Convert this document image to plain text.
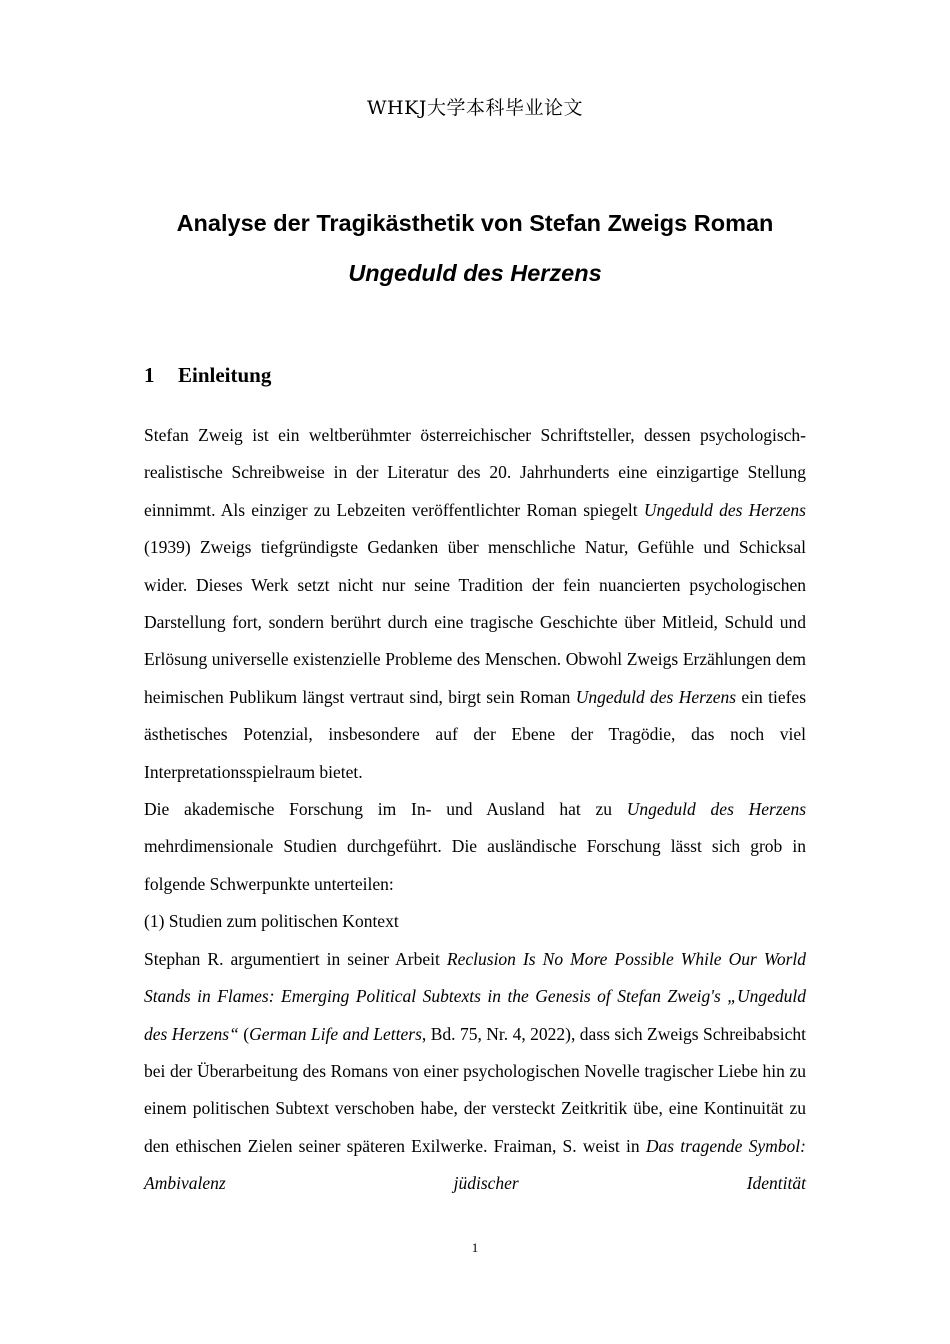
WHKJ大学本科毕业论文
Analyse der Tragikästhetik von Stefan Zweigs Roman
Ungeduld des Herzens
1 Einleitung

Stefan Zweig ist ein weltberühmter österreichischer Schriftsteller, dessen psychologisch-realistische Schreibweise in der Literatur des 20. Jahrhunderts eine einzigartige Stellung einnimmt. Als einziger zu Lebzeiten veröffentlichter Roman spiegelt Ungeduld des Herzens (1939) Zweigs tiefgründigste Gedanken über menschliche Natur, Gefühle und Schicksal wider. Dieses Werk setzt nicht nur seine Tradition der fein nuancierten psychologischen Darstellung fort, sondern berührt durch eine tragische Geschichte über Mitleid, Schuld und Erlösung universelle existenzielle Probleme des Menschen. Obwohl Zweigs Erzählungen dem heimischen Publikum längst vertraut sind, birgt sein Roman Ungeduld des Herzens ein tiefes ästhetisches Potenzial, insbesondere auf der Ebene der Tragödie, das noch viel Interpretationsspielraum bietet.

Die akademische Forschung im In- und Ausland hat zu Ungeduld des Herzens mehrdimensionale Studien durchgeführt. Die ausländische Forschung lässt sich grob in folgende Schwerpunkte unterteilen:

(1) Studien zum politischen Kontext

Stephan R. argumentiert in seiner Arbeit Reclusion Is No More Possible While Our World Stands in Flames: Emerging Political Subtexts in the Genesis of Stefan Zweig's „Ungeduld des Herzens“ (German Life and Letters, Bd. 75, Nr. 4, 2022), dass sich Zweigs Schreibabsicht bei der Überarbeitung des Romans von einer psychologischen Novelle tragischer Liebe hin zu einem politischen Subtext verschoben habe, der versteckt Zeitkritik übe, eine Kontinuität zu den ethischen Zielen seiner späteren Exilwerke. Fraiman, S. weist in Das tragende Symbol: Ambivalenz jüdischer Identität

1
